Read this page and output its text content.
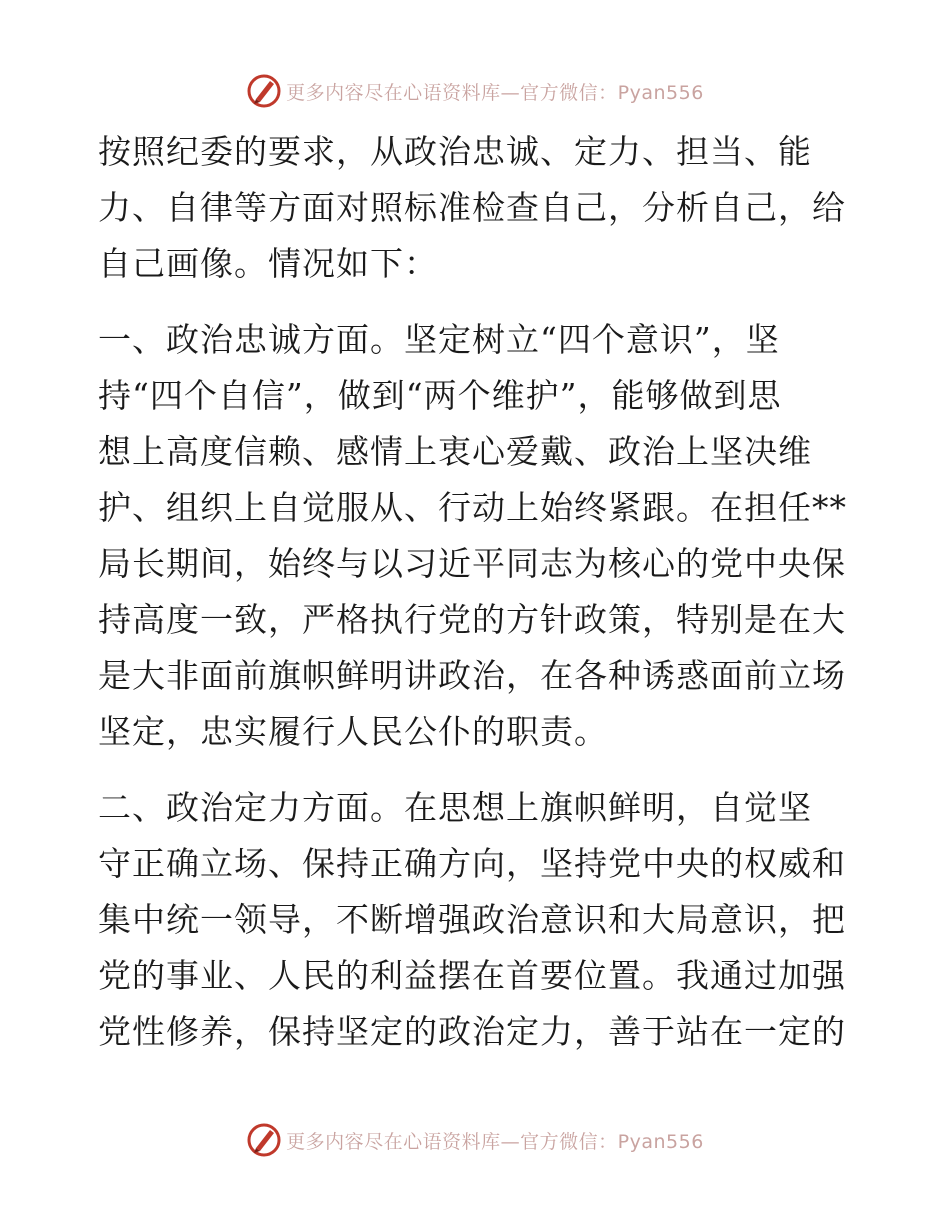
更多内容尽在心语资料库—官方微信：Pyan556

按照纪委的要求，从政治忠诚、定力、担当、能
力、自律等方面对照标准检查自己，分析自己，给
自己画像。情况如下：

一、政治忠诚方面。坚定树立“四个意识”，坚
持“四个自信”，做到“两个维护”，能够做到思
想上高度信赖、感情上衷心爱戴、政治上坚决维
护、组织上自觉服从、行动上始终紧跟。在担任**
局长期间，始终与以习近平同志为核心的党中央保
持高度一致，严格执行党的方针政策，特别是在大
是大非面前旗帜鲜明讲政治，在各种诱惑面前立场
坚定，忠实履行人民公仆的职责。

二、政治定力方面。在思想上旗帜鲜明，自觉坚
守正确立场、保持正确方向，坚持党中央的权威和
集中统一领导，不断增强政治意识和大局意识，把
党的事业、人民的利益摆在首要位置。我通过加强
党性修养，保持坚定的政治定力，善于站在一定的

更多内容尽在心语资料库—官方微信：Pyan556
